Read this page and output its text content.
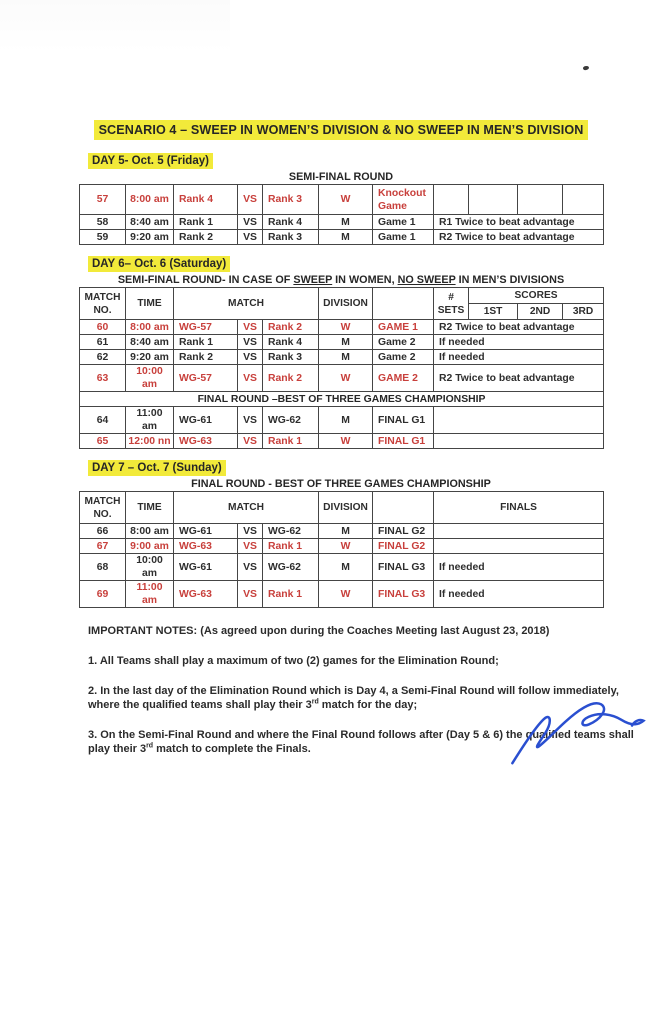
SCENARIO 4 – SWEEP IN WOMEN’S DIVISION & NO SWEEP IN MEN’S DIVISION
DAY 5- Oct. 5 (Friday)
SEMI-FINAL ROUND
57	8:00 am	Rank 4	VS	Rank 3	W	Knockout Game				
58	8:40 am	Rank 1	VS	Rank 4	M	Game 1	R1 Twice to beat advantage			
59	9:20 am	Rank 2	VS	Rank 3	M	Game 1	R2 Twice to beat advantage			
DAY 6– Oct. 6 (Saturday)
SEMI-FINAL ROUND- IN CASE OF SWEEP IN WOMEN, NO SWEEP IN MEN’S DIVISIONS
MATCH NO.	TIME	MATCH			DIVISION		# SETS	SCORES		
								1ST	2ND	3RD
60	8:00 am	WG-57	VS	Rank 2	W	GAME 1	R2 Twice to beat advantage			
61	8:40 am	Rank 1	VS	Rank 4	M	Game 2	If needed			
62	9:20 am	Rank 2	VS	Rank 3	M	Game 2	If needed			
63	10:00 am	WG-57	VS	Rank 2	W	GAME 2	R2 Twice to beat advantage			
FINAL ROUND –BEST OF THREE GAMES CHAMPIONSHIP										
64	11:00 am	WG-61	VS	WG-62	M	FINAL G1				
65	12:00 nn	WG-63	VS	Rank 1	W	FINAL G1				
DAY 7 – Oct. 7 (Sunday)
FINAL ROUND - BEST OF THREE GAMES CHAMPIONSHIP
MATCH NO.	TIME	MATCH			DIVISION		FINALS
66	8:00 am	WG-61	VS	WG-62	M	FINAL G2	
67	9:00 am	WG-63	VS	Rank 1	W	FINAL G2	
68	10:00 am	WG-61	VS	WG-62	M	FINAL G3	If needed
69	11:00 am	WG-63	VS	Rank 1	W	FINAL G3	If needed

IMPORTANT NOTES: (As agreed upon during the Coaches Meeting last August 23, 2018)

1. All Teams shall play a maximum of two (2) games for the Elimination Round;

2. In the last day of the Elimination Round which is Day 4, a Semi-Final Round will follow immediately, where the qualified teams shall play their 3rd match for the day;

3. On the Semi-Final Round and where the Final Round follows after (Day 5 & 6) the qualified teams shall play their 3rd match to complete the Finals.
